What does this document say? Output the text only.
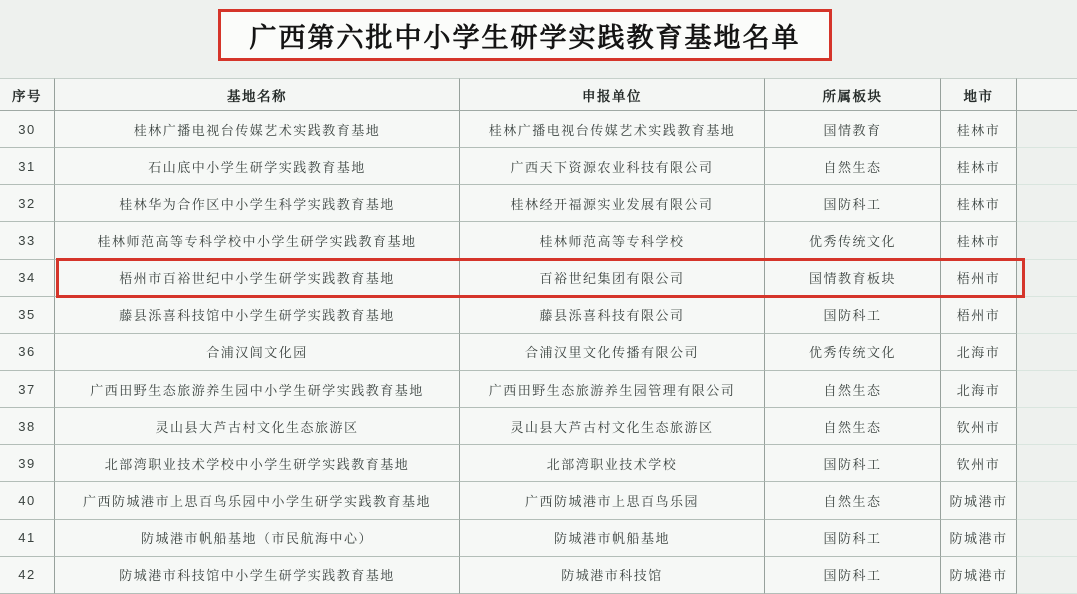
广西第六批中小学生研学实践教育基地名单
序号	基地名称	申报单位	所属板块	地市
30	桂林广播电视台传媒艺术实践教育基地	桂林广播电视台传媒艺术实践教育基地	国情教育	桂林市
31	石山底中小学生研学实践教育基地	广西天下资源农业科技有限公司	自然生态	桂林市
32	桂林华为合作区中小学生科学实践教育基地	桂林经开福源实业发展有限公司	国防科工	桂林市
33	桂林师范高等专科学校中小学生研学实践教育基地	桂林师范高等专科学校	优秀传统文化	桂林市
34	梧州市百裕世纪中小学生研学实践教育基地	百裕世纪集团有限公司	国情教育板块	梧州市
35	藤县泺喜科技馆中小学生研学实践教育基地	藤县泺喜科技有限公司	国防科工	梧州市
36	合浦汉闾文化园	合浦汉里文化传播有限公司	优秀传统文化	北海市
37	广西田野生态旅游养生园中小学生研学实践教育基地	广西田野生态旅游养生园管理有限公司	自然生态	北海市
38	灵山县大芦古村文化生态旅游区	灵山县大芦古村文化生态旅游区	自然生态	钦州市
39	北部湾职业技术学校中小学生研学实践教育基地	北部湾职业技术学校	国防科工	钦州市
40	广西防城港市上思百鸟乐园中小学生研学实践教育基地	广西防城港市上思百鸟乐园	自然生态	防城港市
41	防城港市帆船基地（市民航海中心）	防城港市帆船基地	国防科工	防城港市
42	防城港市科技馆中小学生研学实践教育基地	防城港市科技馆	国防科工	防城港市
